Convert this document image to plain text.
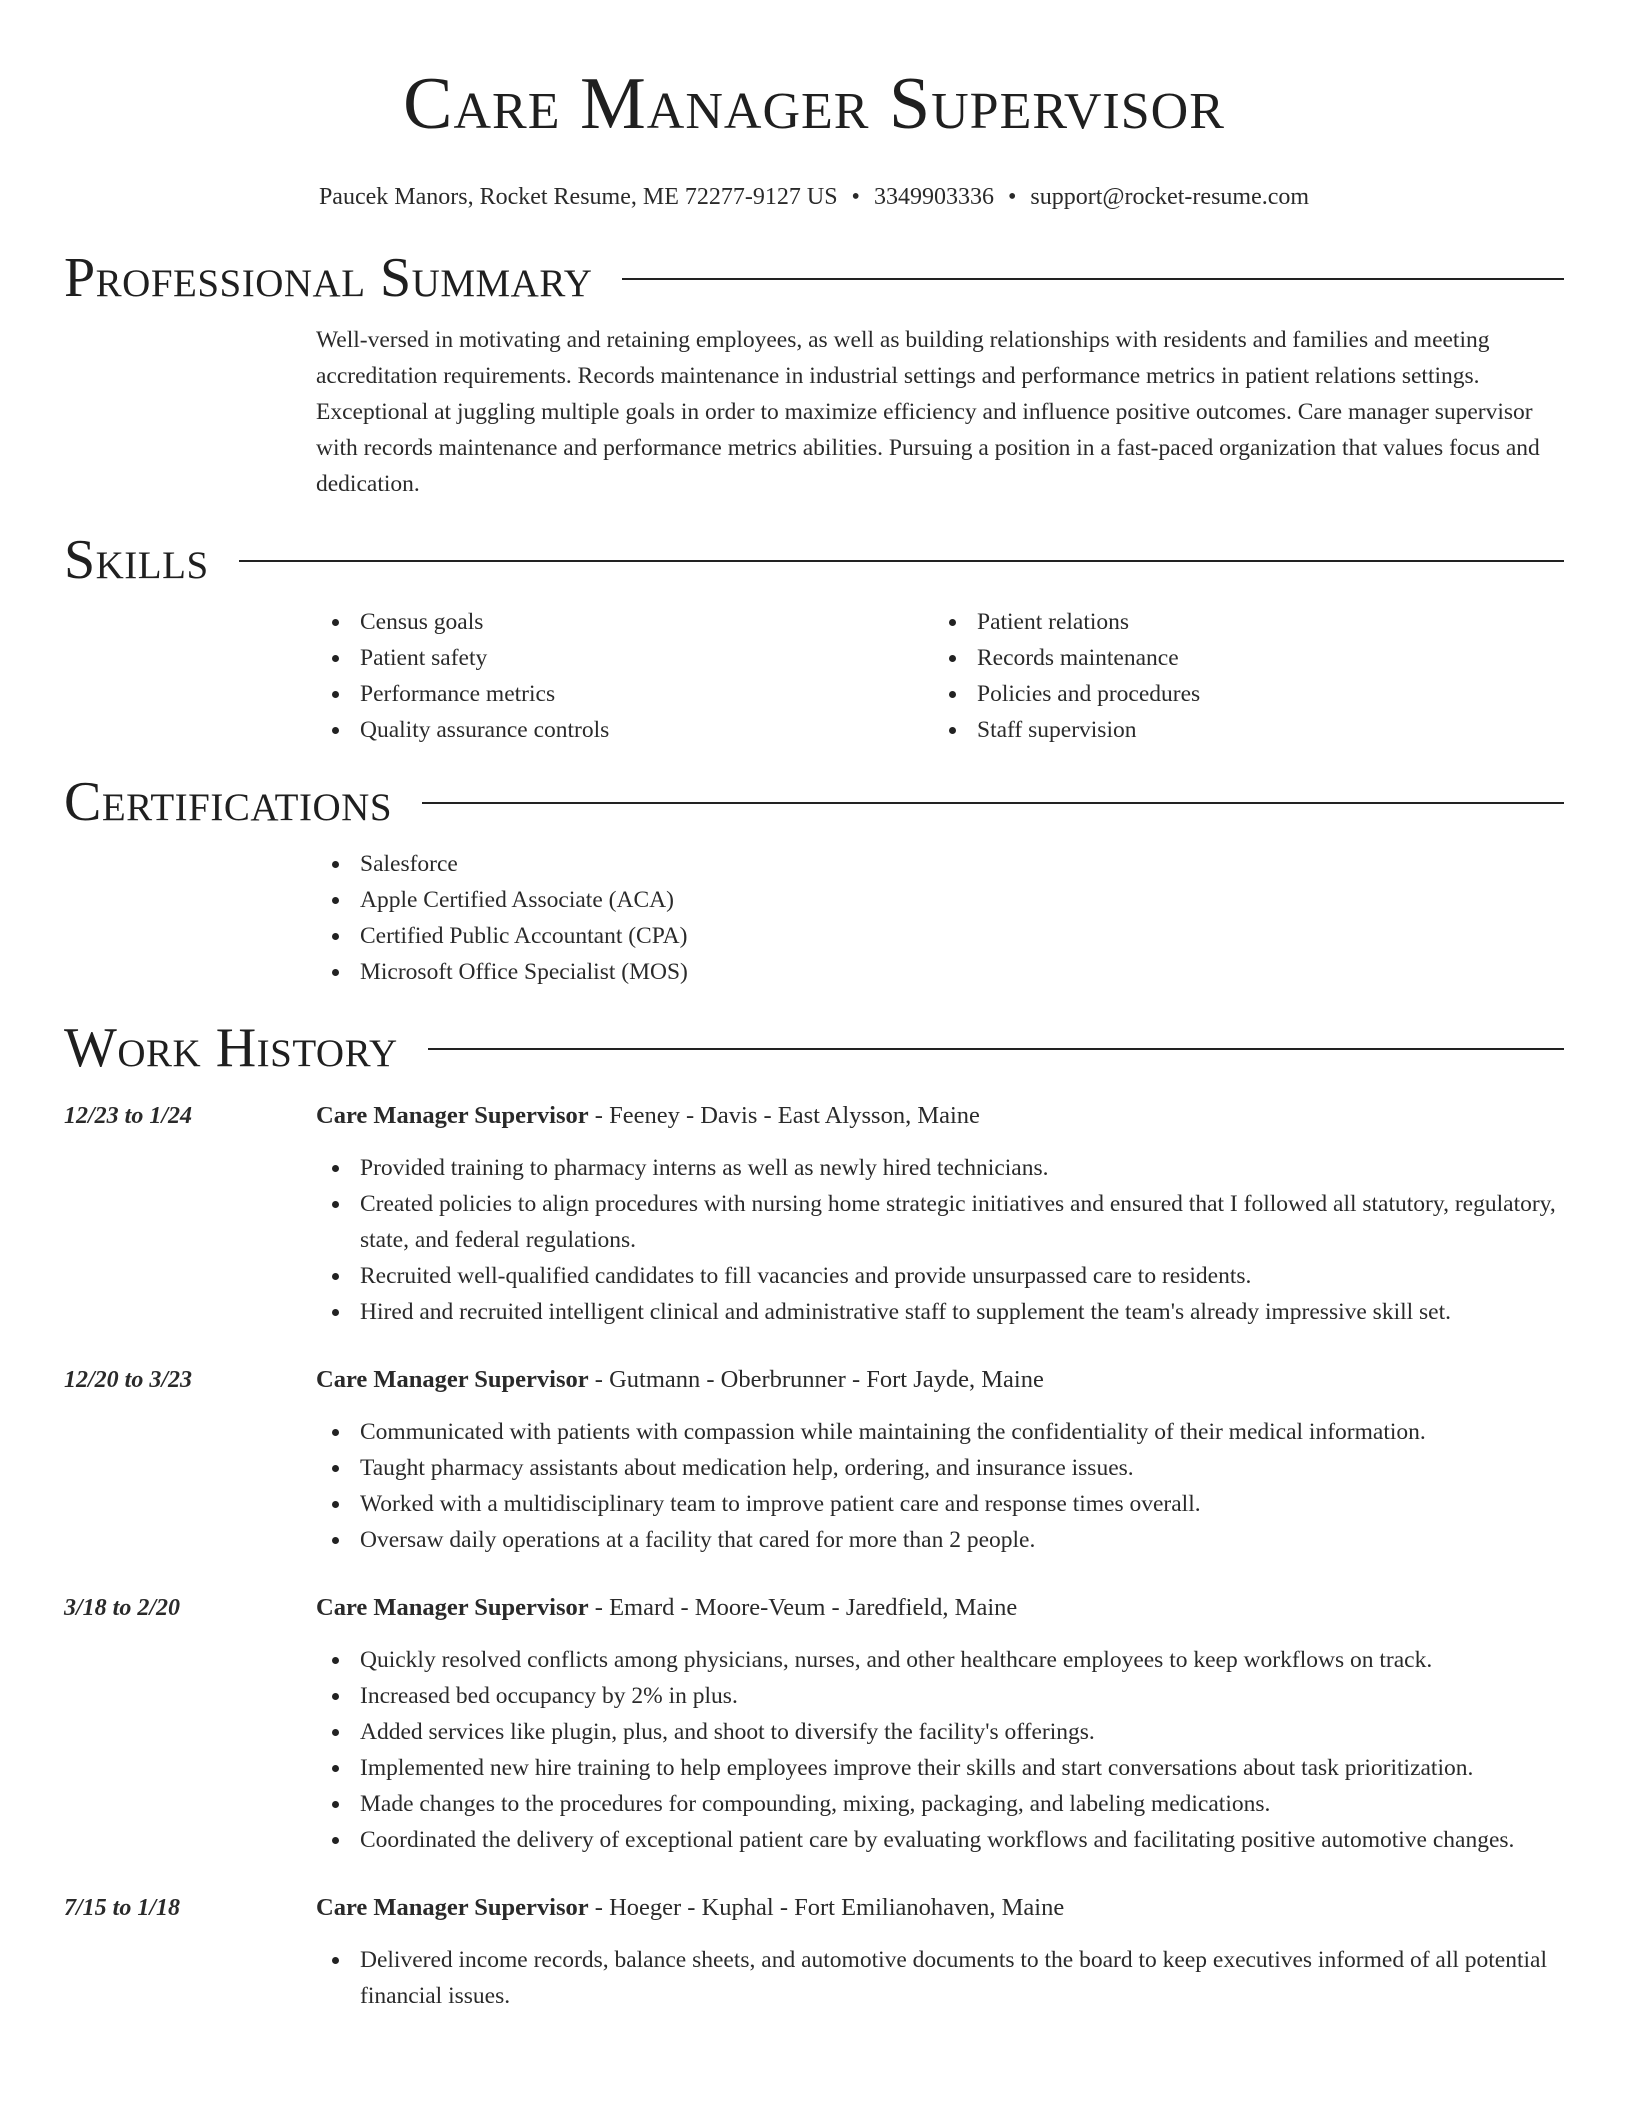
Care Manager Supervisor
Paucek Manors, Rocket Resume, ME 72277-9127 US • 3349903336 • support@rocket-resume.com
Professional Summary

Well-versed in motivating and retaining employees, as well as building relationships with residents and families and meeting accreditation requirements. Records maintenance in industrial settings and performance metrics in patient relations settings. Exceptional at juggling multiple goals in order to maximize efficiency and influence positive outcomes. Care manager supervisor with records maintenance and performance metrics abilities. Pursuing a position in a fast-paced organization that values focus and dedication.

Skills
Census goals
Patient safety
Performance metrics
Quality assurance controls
Patient relations
Records maintenance
Policies and procedures
Staff supervision
Certifications
Salesforce
Apple Certified Associate (ACA)
Certified Public Accountant (CPA)
Microsoft Office Specialist (MOS)
Work History
12/23 to 1/24	Care Manager Supervisor - Feeney - Davis - East Alysson, Maine
Provided training to pharmacy interns as well as newly hired technicians.
Created policies to align procedures with nursing home strategic initiatives and ensured that I followed all statutory, regulatory, state, and federal regulations.
Recruited well-qualified candidates to fill vacancies and provide unsurpassed care to residents.
Hired and recruited intelligent clinical and administrative staff to supplement the team's already impressive skill set.
12/20 to 3/23	Care Manager Supervisor - Gutmann - Oberbrunner - Fort Jayde, Maine
Communicated with patients with compassion while maintaining the confidentiality of their medical information.
Taught pharmacy assistants about medication help, ordering, and insurance issues.
Worked with a multidisciplinary team to improve patient care and response times overall.
Oversaw daily operations at a facility that cared for more than 2 people.
3/18 to 2/20	Care Manager Supervisor - Emard - Moore-Veum - Jaredfield, Maine
Quickly resolved conflicts among physicians, nurses, and other healthcare employees to keep workflows on track.
Increased bed occupancy by 2% in plus.
Added services like plugin, plus, and shoot to diversify the facility's offerings.
Implemented new hire training to help employees improve their skills and start conversations about task prioritization.
Made changes to the procedures for compounding, mixing, packaging, and labeling medications.
Coordinated the delivery of exceptional patient care by evaluating workflows and facilitating positive automotive changes.
7/15 to 1/18	Care Manager Supervisor - Hoeger - Kuphal - Fort Emilianohaven, Maine
Delivered income records, balance sheets, and automotive documents to the board to keep executives informed of all potential financial issues.
